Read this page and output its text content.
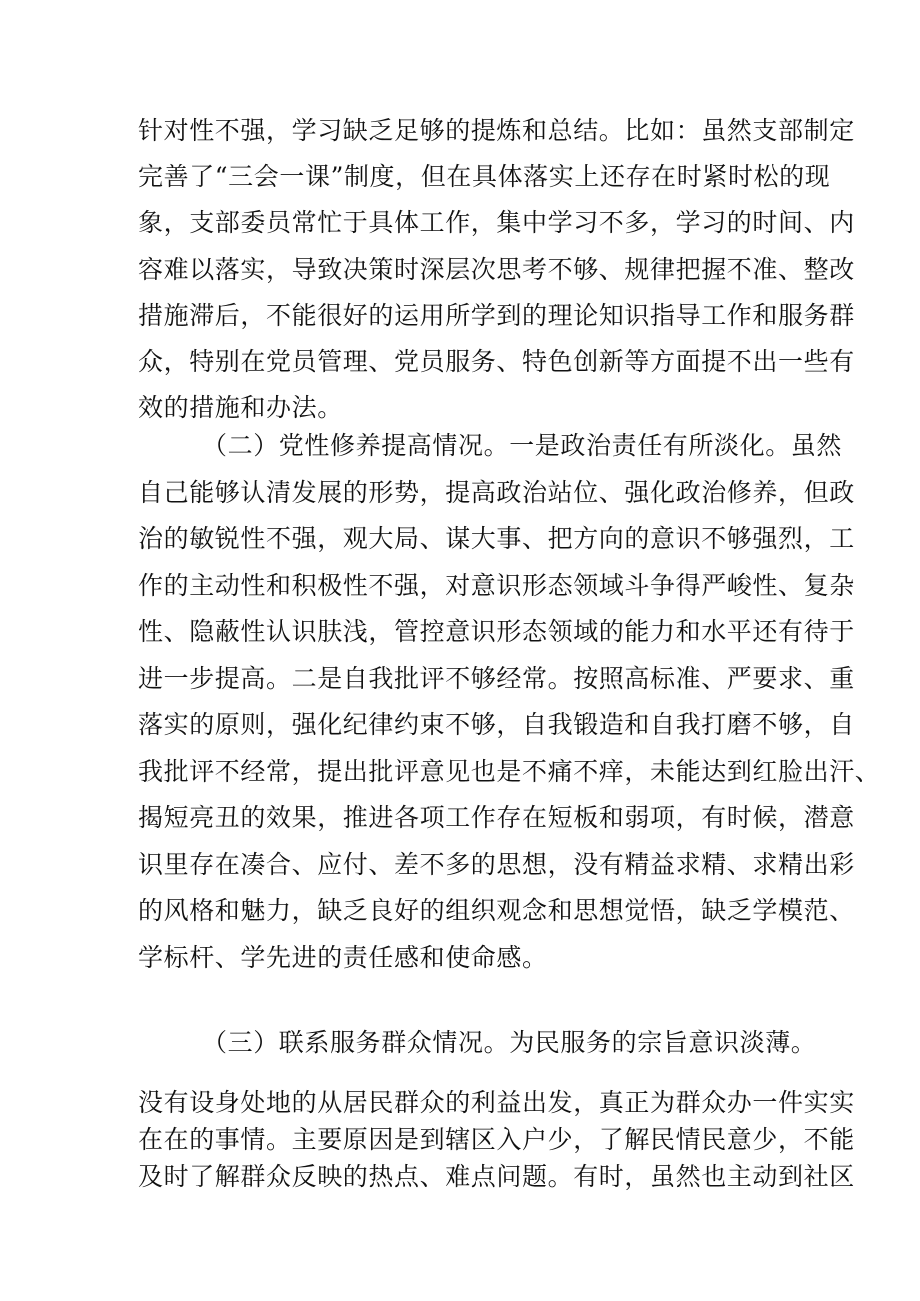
针对性不强，学习缺乏足够的提炼和总结。比如：虽然支部制定
完善了“三会一课”制度，但在具体落实上还存在时紧时松的现
象，支部委员常忙于具体工作，集中学习不多，学习的时间、内
容难以落实，导致决策时深层次思考不够、规律把握不准、整改
措施滞后，不能很好的运用所学到的理论知识指导工作和服务群
众，特别在党员管理、党员服务、特色创新等方面提不出一些有
效的措施和办法。
（二）党性修养提高情况。一是政治责任有所淡化。虽然
自己能够认清发展的形势，提高政治站位、强化政治修养，但政
治的敏锐性不强，观大局、谋大事、把方向的意识不够强烈，工
作的主动性和积极性不强，对意识形态领域斗争得严峻性、复杂
性、隐蔽性认识肤浅，管控意识形态领域的能力和水平还有待于
进一步提高。二是自我批评不够经常。按照高标准、严要求、重
落实的原则，强化纪律约束不够，自我锻造和自我打磨不够，自
我批评不经常，提出批评意见也是不痛不痒，未能达到红脸出汗、
揭短亮丑的效果，推进各项工作存在短板和弱项，有时候，潜意
识里存在凑合、应付、差不多的思想，没有精益求精、求精出彩
的风格和魅力，缺乏良好的组织观念和思想觉悟，缺乏学模范、
学标杆、学先进的责任感和使命感。
（三）联系服务群众情况。为民服务的宗旨意识淡薄。
没有设身处地的从居民群众的利益出发，真正为群众办一件实实
在在的事情。主要原因是到辖区入户少，了解民情民意少，不能
及时了解群众反映的热点、难点问题。有时，虽然也主动到社区
